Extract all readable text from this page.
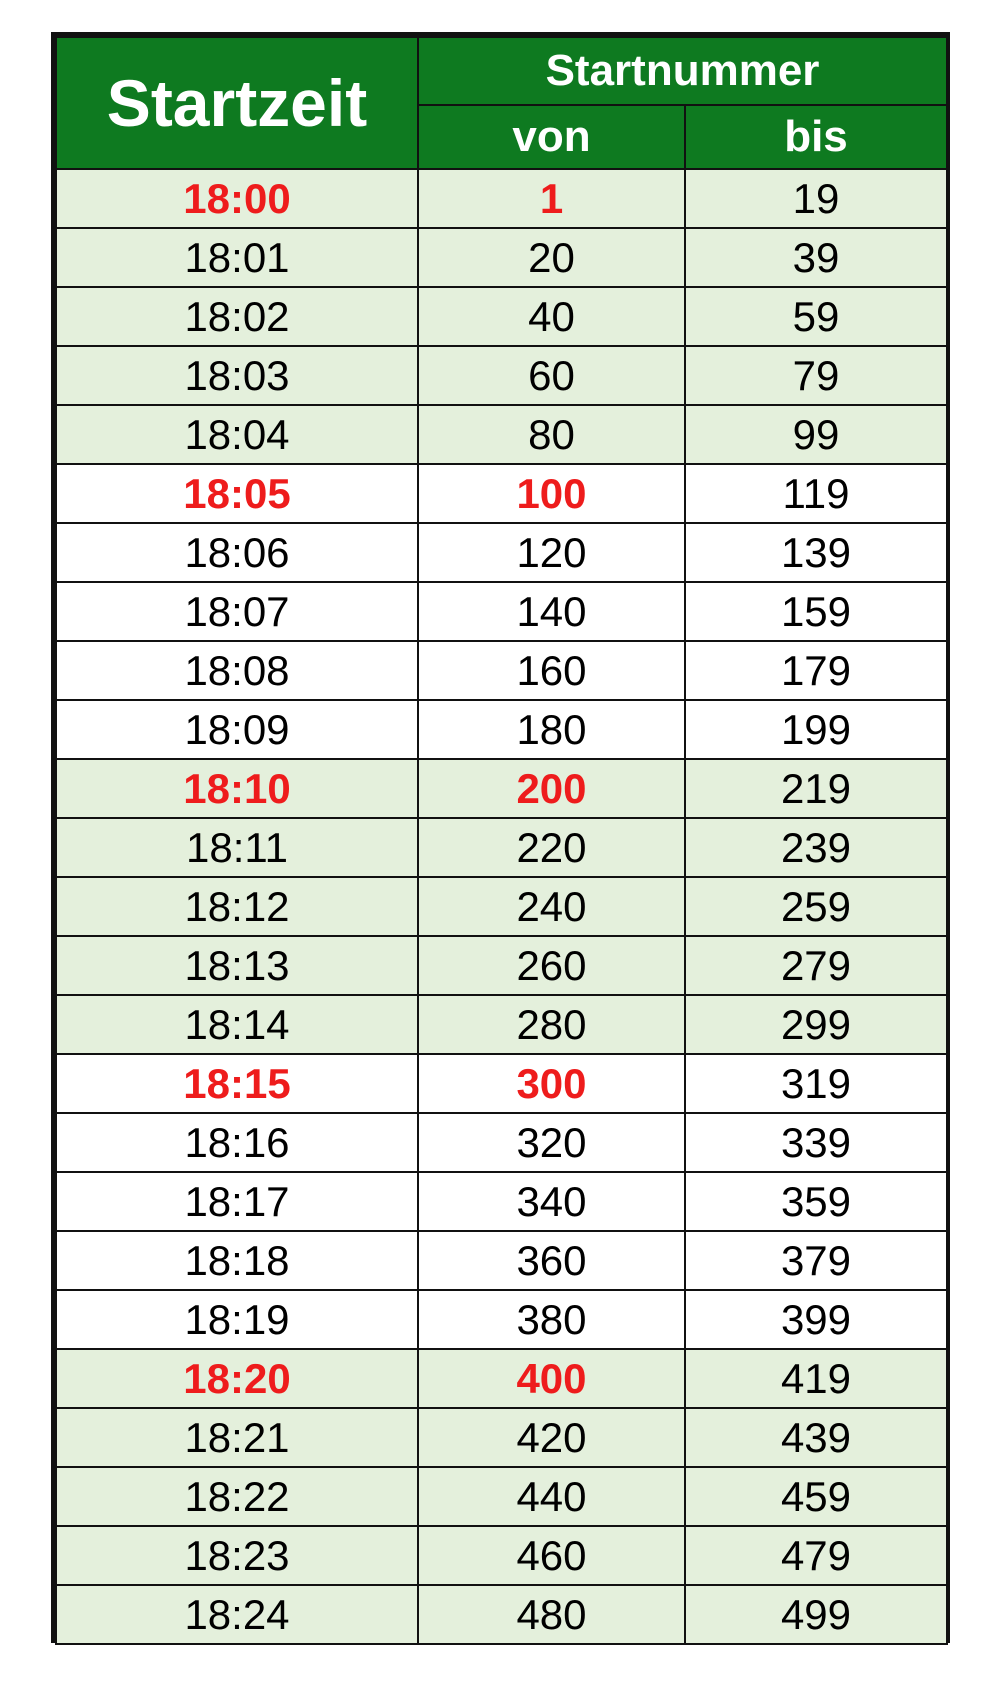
Startzeit	Startnummer	
	von	bis
18:00	1	19
18:01	20	39
18:02	40	59
18:03	60	79
18:04	80	99
18:05	100	119
18:06	120	139
18:07	140	159
18:08	160	179
18:09	180	199
18:10	200	219
18:11	220	239
18:12	240	259
18:13	260	279
18:14	280	299
18:15	300	319
18:16	320	339
18:17	340	359
18:18	360	379
18:19	380	399
18:20	400	419
18:21	420	439
18:22	440	459
18:23	460	479
18:24	480	499
